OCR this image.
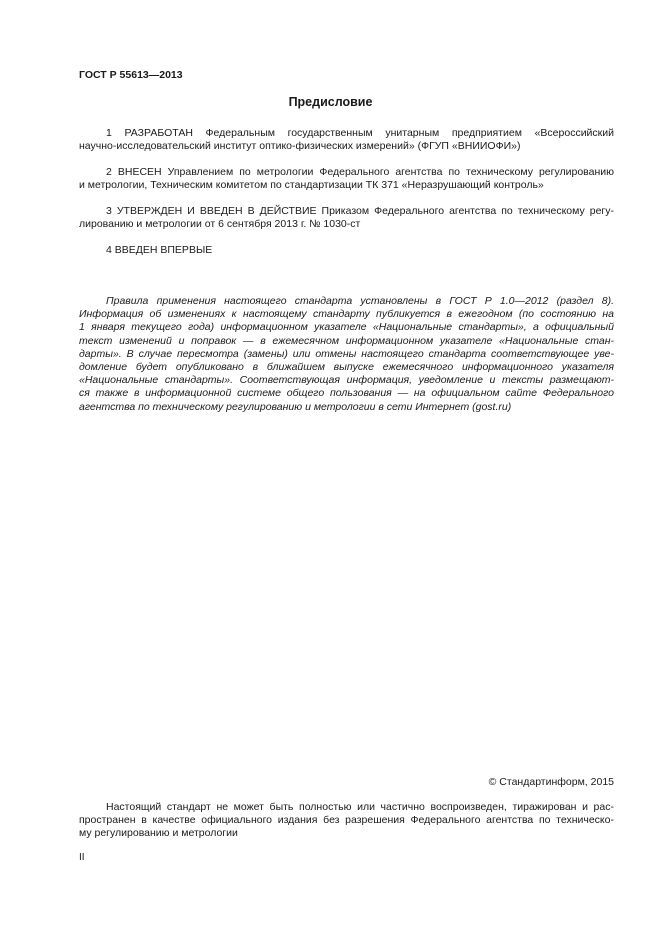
ГОСТ Р 55613—2013
Предисловие
1 РАЗРАБОТАН Федеральным государственным унитарным предприятием «Всероссийский
научно-исследовательский институт оптико-физических измерений» (ФГУП «ВНИИОФИ»)
2 ВНЕСЕН Управлением по метрологии Федерального агентства по техническому регулированию
и метрологии, Техническим комитетом по стандартизации ТК 371 «Неразрушающий контроль»
3 УТВЕРЖДЕН И ВВЕДЕН В ДЕЙСТВИЕ Приказом Федерального агентства по техническому регу-
лированию и метрологии от 6 сентября 2013 г. № 1030-ст
4 ВВЕДЕН ВПЕРВЫЕ
Правила применения настоящего стандарта установлены в ГОСТ Р 1.0—2012 (раздел 8).
Информация об изменениях к настоящему стандарту публикуется в ежегодном (по состоянию на
1 января текущего года) информационном указателе «Национальные стандарты», а официальный
текст изменений и поправок — в ежемесячном информационном указателе «Национальные стан-
дарты». В случае пересмотра (замены) или отмены настоящего стандарта соответствующее уве-
домление будет опубликовано в ближайшем выпуске ежемесячного информационного указателя
«Национальные стандарты». Соответствующая информация, уведомление и тексты размещают-
ся также в информационной системе общего пользования — на официальном сайте Федерального
агентства по техническому регулированию и метрологии в сети Интернет (gost.ru)
© Стандартинформ, 2015
Настоящий стандарт не может быть полностью или частично воспроизведен, тиражирован и рас-
пространен в качестве официального издания без разрешения Федерального агентства по техническо-
му регулированию и метрологии
II
